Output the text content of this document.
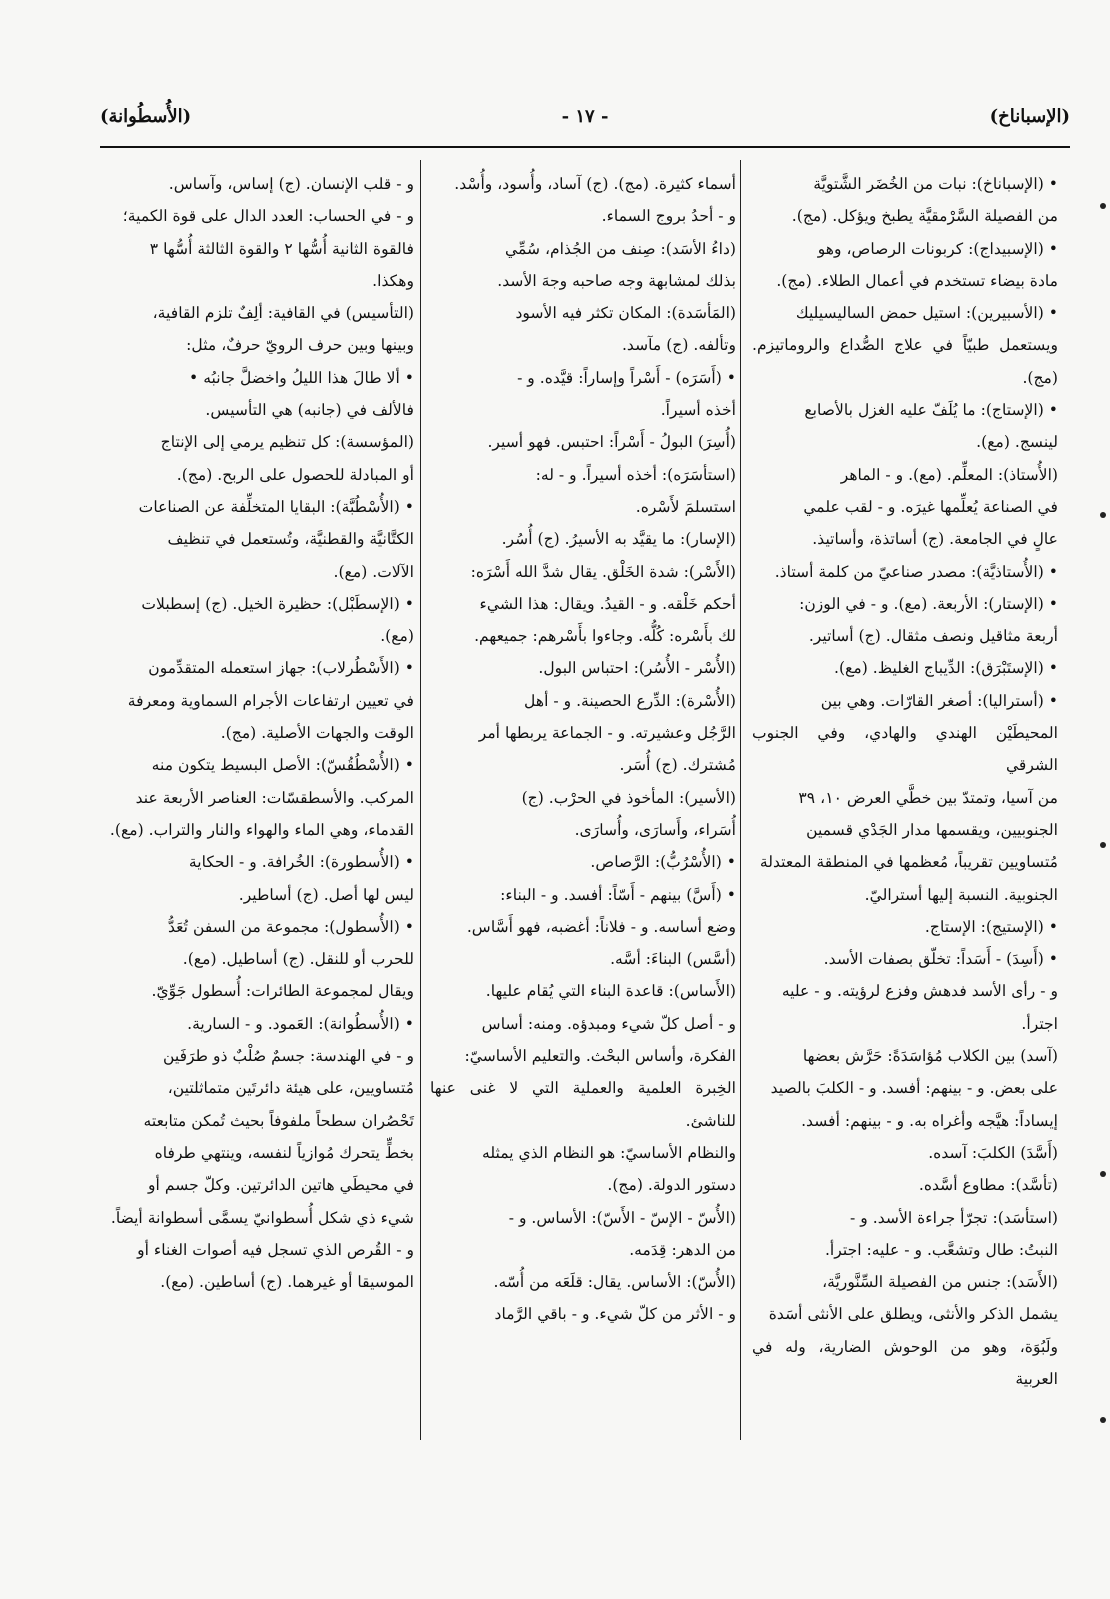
(الإسباناخ)
- ١٧ -
(الأُسطُوانة)

• (الإسباناخ): نبات من الخُضَر الشَّتويَّة

من الفصيلة السَّرْمقيَّة يطبخ ويؤكل. (مج).

• (الإسبيداج): كربونات الرصاص، وهو

مادة بيضاء تستخدم في أعمال الطلاء. (مج).

• (الأسبيرين): استيل حمض الساليسيليك

ويستعمل طبيّاً في علاج الصُّداع والروماتيزم. (مج).

• (الإستاج): ما يُلَفّ عليه الغزل بالأصابع

لينسج. (مع).

(الأُستاذ): المعلِّم. (مع). و - الماهر

في الصناعة يُعلِّمها غيرَه. و - لقب علمي

عالٍ في الجامعة. (ج) أساتذة، وأساتيذ.

• (الأُستاذيَّة): مصدر صناعيّ من كلمة أستاذ.

• (الإستار): الأربعة. (مع). و - في الوزن:

أربعة مثاقيل ونصف مثقال. (ج) أساتير.

• (الإستَبْرَق): الدِّيباج الغليظ. (مع).

• (أستراليا): أصغر القارّات. وهي بين

المحيطَيْن الهندي والهادي، وفي الجنوب الشرقي

من آسيا، وتمتدّ بين خطَّي العرض ١٠، ٣٩

الجنوبيين، ويقسمها مدار الجَدْي قسمين

مُتساويين تقريباً، مُعظمها في المنطقة المعتدلة

الجنوبية. النسبة إليها أستراليّ.

• (الإستيج): الإستاج.

• (أَسِدَ) - أَسَداً: تخلّق بصفات الأسد.

و - رأى الأسد فدهش وفزع لرؤيته. و - عليه

اجترأ.

(آسد) بين الكلاب مُؤاسَدَةً: حَرَّش بعضها

على بعض. و - بينهم: أفسد. و - الكلبَ بالصيد

إيساداً: هيَّجه وأغراه به. و - بينهم: أفسد.

(أَسَّدَ) الكلبَ: آسده.

(تأسَّد): مطاوع أسَّده.

(استأسَد): تجرّأ جراءة الأسد. و -

النبتُ: طال وتشعَّب. و - عليه: اجترأ.

(الأَسَد): جنس من الفصيلة السِّنَّوريَّة،

يشمل الذكر والأنثى، ويطلق على الأنثى أسَدة

ولَبُوَة، وهو من الوحوش الضارية، وله في العربية

أسماء كثيرة. (مج). (ج) آساد، وأُسود، وأُسْد.

و - أحدُ بروج السماء.

(داءُ الأسَد): صِنف من الجُذام، سُمِّي

بذلك لمشابهة وجه صاحبه وجهَ الأسد.

(المَأسَدة): المكان تكثر فيه الأسود

وتألفه. (ج) مآسد.

• (أَسَرَه) - أَسْراً وإساراً: قيَّده. و -

أخذه أسيراً.

(أُسِرَ) البولُ - أَسْراً: احتبس. فهو أسير.

(استأسَرَه): أخذه أسيراً. و - له:

استسلمَ لأَسْره.

(الإسار): ما يقيَّد به الأسيرُ. (ج) أُسُر.

(الأَسْر): شدة الخَلْق. يقال شدَّ الله أَسْرَه:

أحكم خَلْقه. و - القيدُ. ويقال: هذا الشيء

لك بأَسْره: كُلُّه. وجاءوا بأَسْرهم: جميعهم.

(الأُسْر - الأُسُر): احتباس البول.

(الأُسْرة): الدِّرع الحصينة. و - أهل

الرَّجُل وعشيرته. و - الجماعة يربطها أمر

مُشترك. (ج) أُسَر.

(الأسير): المأخوذ في الحرْب. (ج)

أُسَراء، وأَسارَى، وأُسارَى.

• (الأُسْرُبُّ): الرَّصاص.

• (أَسَّ) بينهم - أَسّاً: أفسد. و - البناء:

وضع أساسه. و - فلاناً: أغضبه، فهو أَسَّاس.

(أسَّس) البناءَ: أسَّه.

(الأَساس): قاعدة البناء التي يُقام عليها.

و - أصل كلّ شيء ومبدؤه. ومنه: أساس

الفكرة، وأساس البحْث. والتعليم الأساسيّ:

الخِبرة العلمية والعملية التي لا غنى عنها للناشئ.

والنظام الأساسيّ: هو النظام الذي يمثله

دستور الدولة. (مج).

(الأُسّ - الإسّ - الأَسّ): الأساس. و -

من الدهر: قِدَمه.

(الأُسّ): الأساس. يقال: قلَعَه من أُسّه.

و - الأثر من كلّ شيء. و - باقي الرَّماد

و - قلب الإنسان. (ج) إساس، وآساس.

و - في الحساب: العدد الدال على قوة الكمية؛

فالقوة الثانية أُسُّها ٢ والقوة الثالثة أُسُّها ٣

وهكذا.

(التأسيس) في القافية: ألِفٌ تلزم القافية،

وبينها وبين حرف الرويّ حرفٌ، مثل:

• ألا طالَ هذا الليلُ واخضلَّ جانبُه •

فالألف في (جانبه) هي التأسيس.

(المؤسسة): كل تنظيم يرمي إلى الإنتاج

أو المبادلة للحصول على الربح. (مج).

• (الأُسْطُبَّة): البقايا المتخلِّفة عن الصناعات

الكتَّانيَّة والقطنيَّة، وتُستعمل في تنظيف

الآلات. (مع).

• (الإسطَبْل): حظيرة الخيل. (ج) إسطبلات

(مع).

• (الأَسْطُرلاب): جهاز استعمله المتقدِّمون

في تعيين ارتفاعات الأجرام السماوية ومعرفة

الوقت والجهات الأصلية. (مج).

• (الأُسْطُقُسّ): الأصل البسيط يتكون منه

المركب. والأسطقسّات: العناصر الأربعة عند

القدماء، وهي الماء والهواء والنار والتراب. (مع).

• (الأُسطورة): الخُرافة. و - الحكاية

ليس لها أصل. (ج) أساطير.

• (الأُسطول): مجموعة من السفن تُعَدُّ

للحرب أو للنقل. (ج) أساطيل. (مع).

ويقال لمجموعة الطائرات: أُسطول جَوِّيّ.

• (الأُسطُوانة): العَمود. و - السارية.

و - في الهندسة: جسمٌ صُلْبٌ ذو طرَفَين

مُتساويين، على هيئة دائرتَين متماثلتين،

تَحْصُران سطحاً ملفوفاً بحيث تُمكن متابعته

بخطٍّ يتحرك مُوازياً لنفسه، وينتهي طرفاه

في محيطَي هاتين الدائرتين. وكلّ جسم أو

شيء ذي شكل أُسطوانيّ يسمَّى أسطوانة أيضاً.

و - القُرص الذي تسجل فيه أصوات الغناء أو

الموسيقا أو غيرهما. (ج) أساطين. (مع).
